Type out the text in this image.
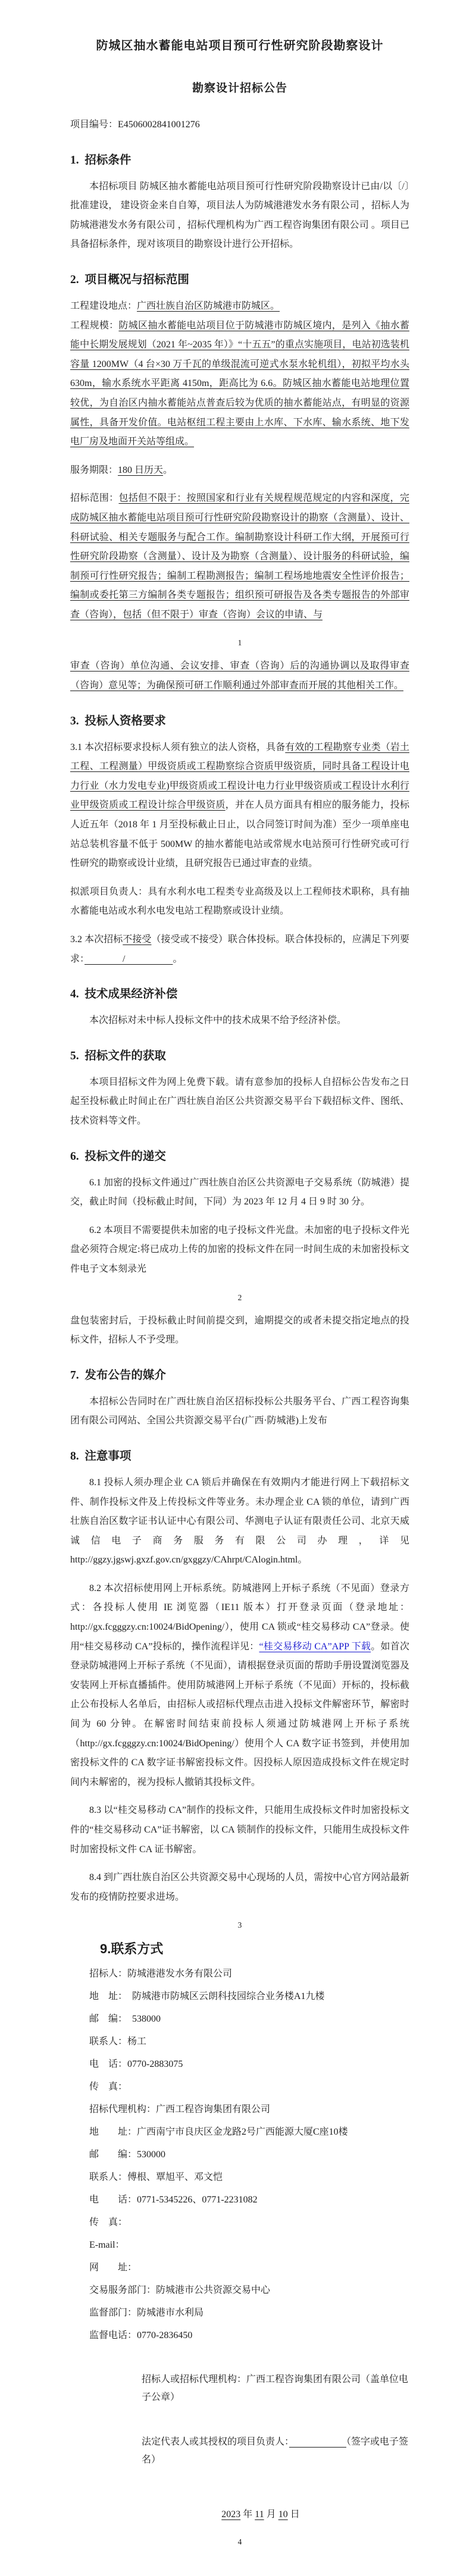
防城区抽水蓄能电站项目预可行性研究阶段勘察设计
勘察设计招标公告
项目编号：E4506002841001276
1.  招标条件
本招标项目 防城区抽水蓄能电站项目预可行性研究阶段勘察设计已由/以〔/〕批准建设， 建设资金来自自筹，项目法人为防城港港发水务有限公司 ，招标人为防城港港发水务有限公司 ，招标代理机构为广西工程咨询集团有限公司 。项目已具备招标条件，现对该项目的勘察设计进行公开招标。
2.  项目概况与招标范围
工程建设地点：广西壮族自治区防城港市防城区。
工程规模：防城区抽水蓄能电站项目位于防城港市防城区境内，是列入《抽水蓄能中长期发展规划（2021 年~2035 年）》“十五五”的重点实施项目，电站初选装机容量 1200MW（4 台×30 万千瓦的单级混流可逆式水泵水轮机组），初拟平均水头 630m，输水系统水平距离 4150m，距高比为 6.6。防城区抽水蓄能电站地理位置较优，为自治区内抽水蓄能站点普查后较为优质的抽水蓄能站点，有明显的资源属性，具备开发价值。电站枢纽工程主要由上水库、下水库、输水系统、地下发电厂房及地面开关站等组成。
服务期限：180 日历天。
招标范围：包括但不限于：按照国家和行业有关规程规范规定的内容和深度，完成防城区抽水蓄能电站项目预可行性研究阶段勘察设计的勘察（含测量）、设计、科研试验、相关专题服务与配合工作。编制勘察设计科研工作大纲，开展预可行性研究阶段勘察（含测量）、设计及为勘察（含测量）、设计服务的科研试验，编制预可行性研究报告；编制工程勘测报告；编制工程场地地震安全性评价报告；编制或委托第三方编制各类专题报告；组织预可研报告及各类专题报告的外部审查（咨询），包括（但不限于）审查（咨询）会议的申请、与
1
审查（咨询）单位沟通、会议安排、审查（咨询）后的沟通协调以及取得审查（咨询）意见等；为确保预可研工作顺利通过外部审查而开展的其他相关工作。
3.  投标人资格要求
3.1 本次招标要求投标人须有独立的法人资格，具备有效的工程勘察专业类（岩土工程、工程测量）甲级资质或工程勘察综合资质甲级资质，同时具备工程设计电力行业（水力发电专业)甲级资质或工程设计电力行业甲级资质或工程设计水利行业甲级资质或工程设计综合甲级资质，并在人员方面具有相应的服务能力，投标人近五年（2018 年 1 月至投标截止日止，以合同签订时间为准）至少一项单座电站总装机容量不低于 500MW 的抽水蓄能电站或常规水电站预可行性研究或可行性研究的勘察或设计业绩，且研究报告已通过审查的业绩。
拟派项目负责人：具有水利水电工程类专业高级及以上工程师技术职称，具有抽水蓄能电站或水利水电发电站工程勘察或设计业绩。
3.2 本次招标不接受（接受或不接受）联合体投标。联合体投标的，应满足下列要求：　　　　/　　　　　。
4.  技术成果经济补偿
本次招标对未中标人投标文件中的技术成果不给予经济补偿。
5.  招标文件的获取
本项目招标文件为网上免费下载。请有意参加的投标人自招标公告发布之日起至投标截止时间止在广西壮族自治区公共资源交易平台下载招标文件、图纸、技术资料等文件。
6.  投标文件的递交
6.1 加密的投标文件通过广西壮族自治区公共资源电子交易系统（防城港）提交，截止时间（投标截止时间，下同）为 2023 年 12 月 4 日 9 时 30 分。
6.2 本项目不需要提供未加密的电子投标文件光盘。未加密的电子投标文件光盘必须符合规定:将已成功上传的加密的投标文件在同一时间生成的未加密投标文件电子文本刻录光
2
盘包装密封后，于投标截止时间前提交到，逾期提交的或者未提交指定地点的投标文件，招标人不予受理。
7.  发布公告的媒介
本招标公告同时在广西壮族自治区招标投标公共服务平台、广西工程咨询集团有限公司网站、全国公共资源交易平台(广西·防城港)上发布
8.  注意事项
8.1 投标人须办理企业 CA 锁后并确保在有效期内才能进行网上下载招标文件、制作投标文件及上传投标文件等业务。未办理企业 CA 锁的单位，请到广西壮族自治区数字证书认证中心有限公司、华测电子认证有限责任公司、北京天威诚信电子商务服务有限公司办理，详见 http://ggzy.jgswj.gxzf.gov.cn/gxggzy/CAhrpt/CAlogin.html。
8.2 本次招标使用网上开标系统。防城港网上开标子系统（不见面）登录方式：各投标人使用 IE 浏览器（IE11 版本）打开登录页面（登录地址：http://gx.fcgggzy.cn:10024/BidOpening/），使用 CA 锁或“桂交易移动 CA”登录。使用“桂交易移动 CA”投标的，操作流程详见：“桂交易移动 CA”APP 下载。如首次登录防城港网上开标子系统（不见面），请根据登录页面的帮助手册设置浏览器及安装网上开标直播插件。使用防城港网上开标子系统（不见面）开标的，投标截止公布投标人名单后，由招标人或招标代理点击进入投标文件解密环节，解密时间为 60 分钟。在解密时间结束前投标人须通过防城港网上开标子系统（http://gx.fcgggzy.cn:10024/BidOpening/）使用个人 CA 数字证书签到，并使用加密投标文件的 CA 数字证书解密投标文件。因投标人原因造成投标文件在规定时间内未解密的，视为投标人撤销其投标文件。
8.3 以“桂交易移动 CA”制作的投标文件，只能用生成投标文件时加密投标文件的“桂交易移动 CA”证书解密，以 CA 锁制作的投标文件，只能用生成投标文件时加密投标文件 CA 证书解密。
8.4 到广西壮族自治区公共资源交易中心现场的人员，需按中心官方网站最新发布的疫情防控要求进场。
3
9.联系方式
招标人：防城港港发水务有限公司
地　址：　防城港市防城区云朗科技园综合业务楼A1九楼
邮　编：　538000
联系人：杨工
电　话：0770-2883075
传　真：
招标代理机构：广西工程咨询集团有限公司
地　　址：广西南宁市良庆区金龙路2号广西能源大厦C座10楼
邮　　编：530000
联系人：傅根、覃旭平、邓文恺
电　　话：0771-5345226、0771-2231082
传　真：
E-mail：
网　　址：
交易服务部门：防城港市公共资源交易中心
监督部门：防城港市水利局
监督电话：0770-2836450
招标人或招标代理机构：广西工程咨询集团有限公司（盖单位电子公章）
法定代表人或其授权的项目负责人：　　　　　　	（签字或电子签名）
2023 年 11 月 10 日
4
